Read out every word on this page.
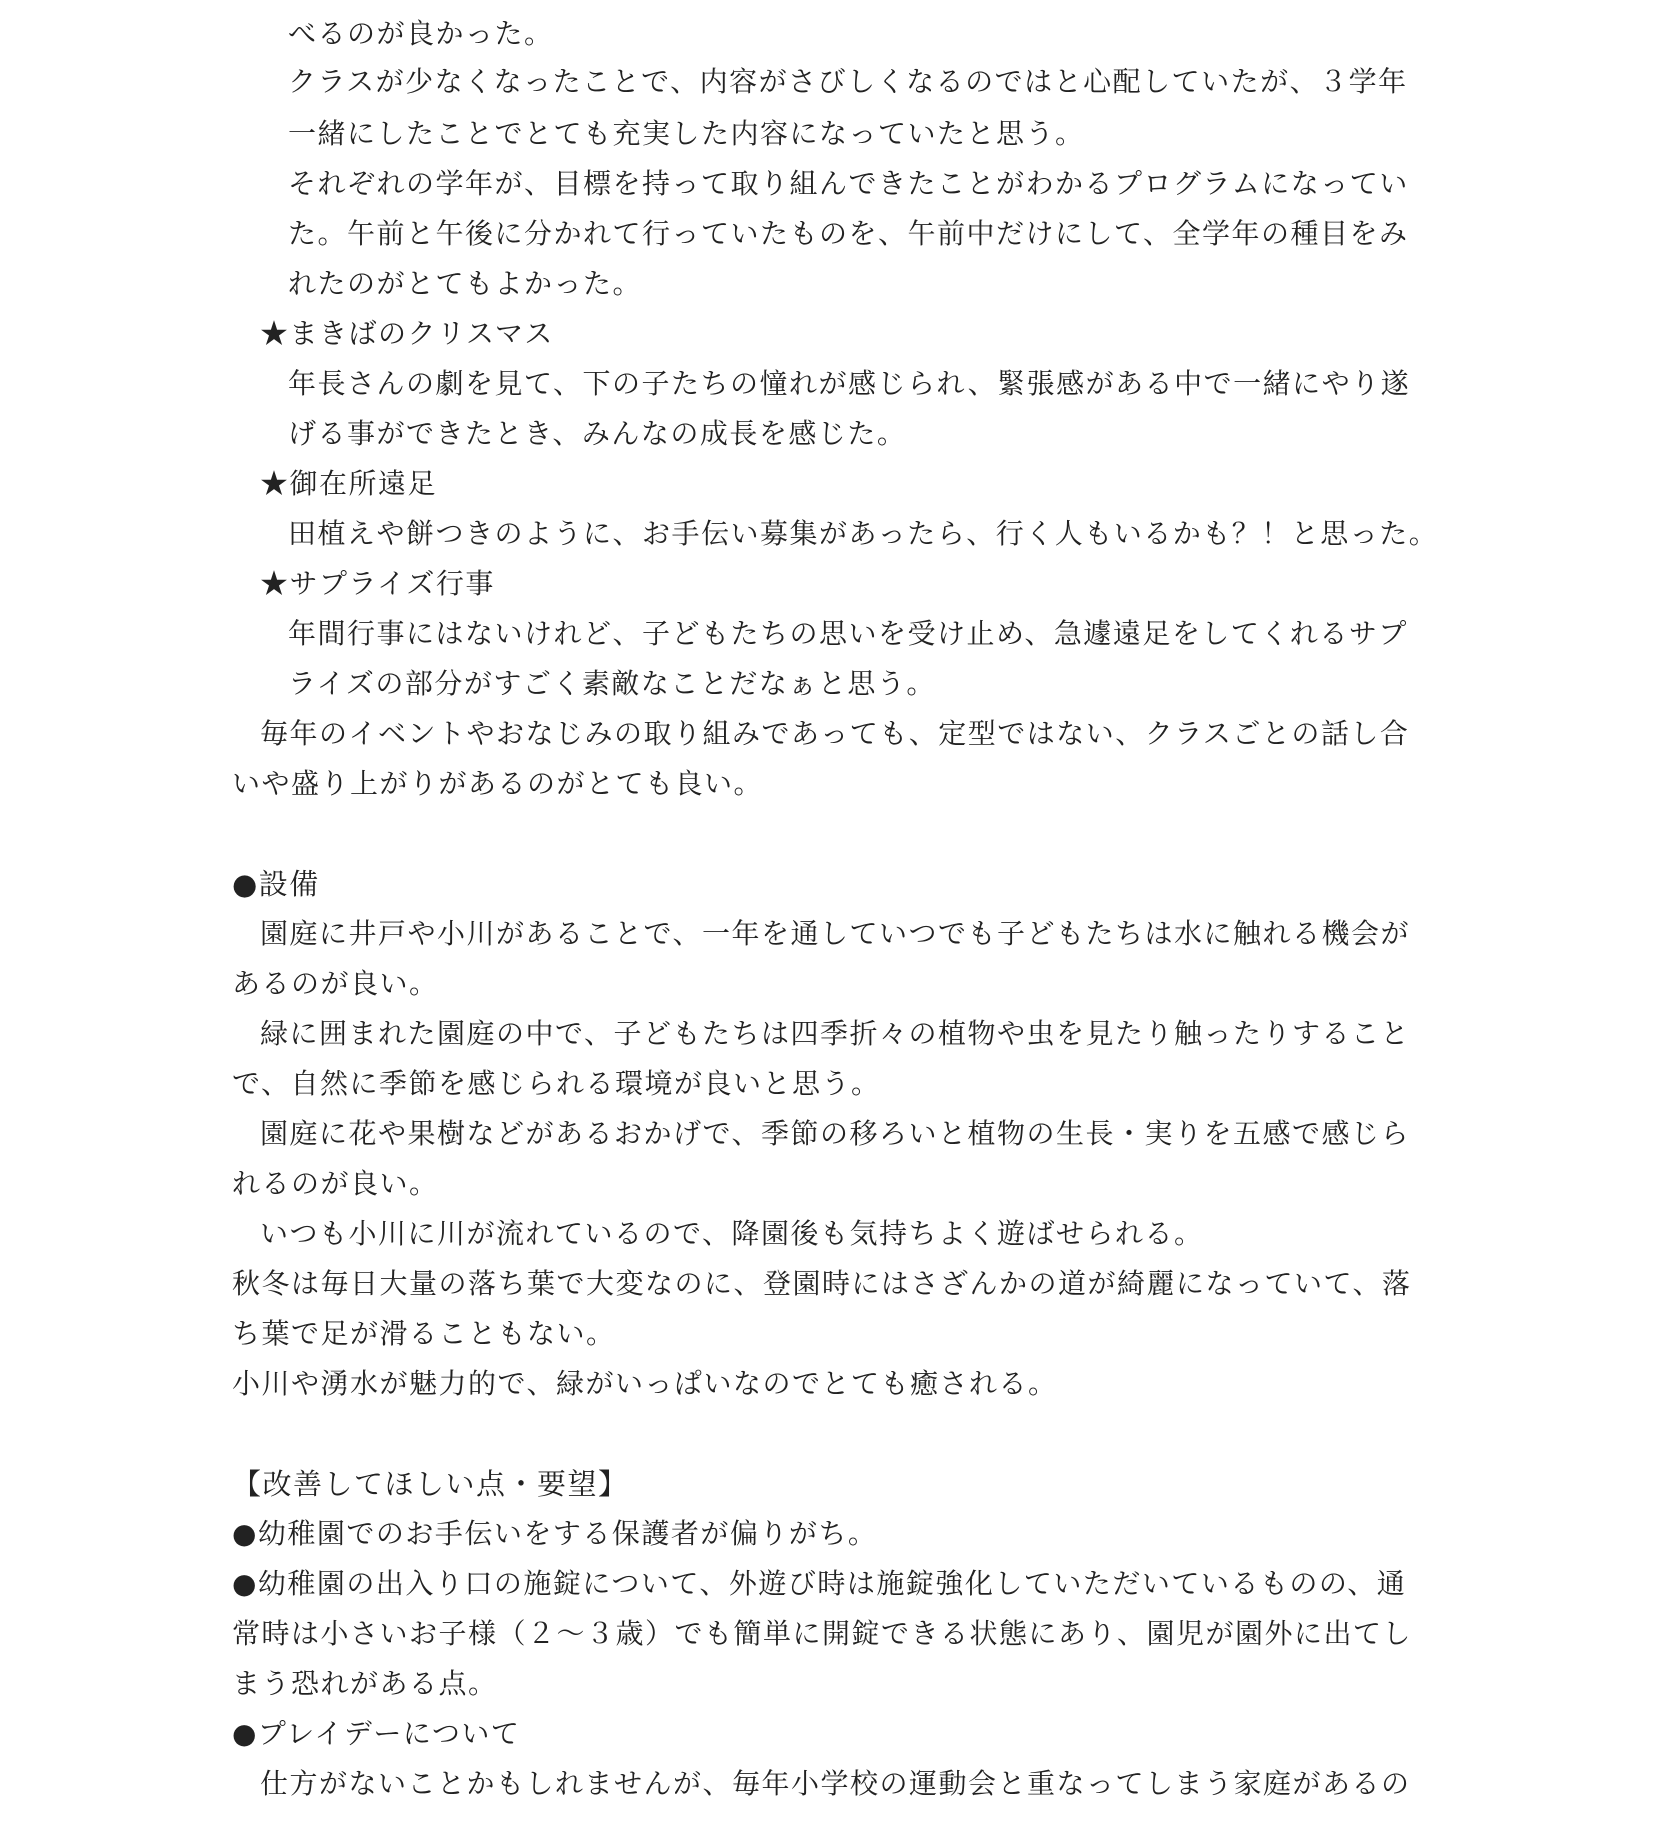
べるのが良かった。
クラスが少なくなったことで、内容がさびしくなるのではと心配していたが、３学年
一緒にしたことでとても充実した内容になっていたと思う。
それぞれの学年が、目標を持って取り組んできたことがわかるプログラムになってい
た。午前と午後に分かれて行っていたものを、午前中だけにして、全学年の種目をみ
れたのがとてもよかった。
★まきばのクリスマス
年長さんの劇を見て、下の子たちの憧れが感じられ、緊張感がある中で一緒にやり遂
げる事ができたとき、みんなの成長を感じた。
★御在所遠足
田植えや餅つきのように、お手伝い募集があったら、行く人もいるかも？！と思った。
★サプライズ行事
年間行事にはないけれど、子どもたちの思いを受け止め、急遽遠足をしてくれるサプ
ライズの部分がすごく素敵なことだなぁと思う。
毎年のイベントやおなじみの取り組みであっても、定型ではない、クラスごとの話し合
いや盛り上がりがあるのがとても良い。
●設備
園庭に井戸や小川があることで、一年を通していつでも子どもたちは水に触れる機会が
あるのが良い。
緑に囲まれた園庭の中で、子どもたちは四季折々の植物や虫を見たり触ったりすること
で、自然に季節を感じられる環境が良いと思う。
園庭に花や果樹などがあるおかげで、季節の移ろいと植物の生長・実りを五感で感じら
れるのが良い。
いつも小川に川が流れているので、降園後も気持ちよく遊ばせられる。
秋冬は毎日大量の落ち葉で大変なのに、登園時にはさざんかの道が綺麗になっていて、落
ち葉で足が滑ることもない。
小川や湧水が魅力的で、緑がいっぱいなのでとても癒される。
【改善してほしい点・要望】
●幼稚園でのお手伝いをする保護者が偏りがち。
●幼稚園の出入り口の施錠について、外遊び時は施錠強化していただいているものの、通
常時は小さいお子様（２～３歳）でも簡単に開錠できる状態にあり、園児が園外に出てし
まう恐れがある点。
●プレイデーについて
仕方がないことかもしれませんが、毎年小学校の運動会と重なってしまう家庭があるの
